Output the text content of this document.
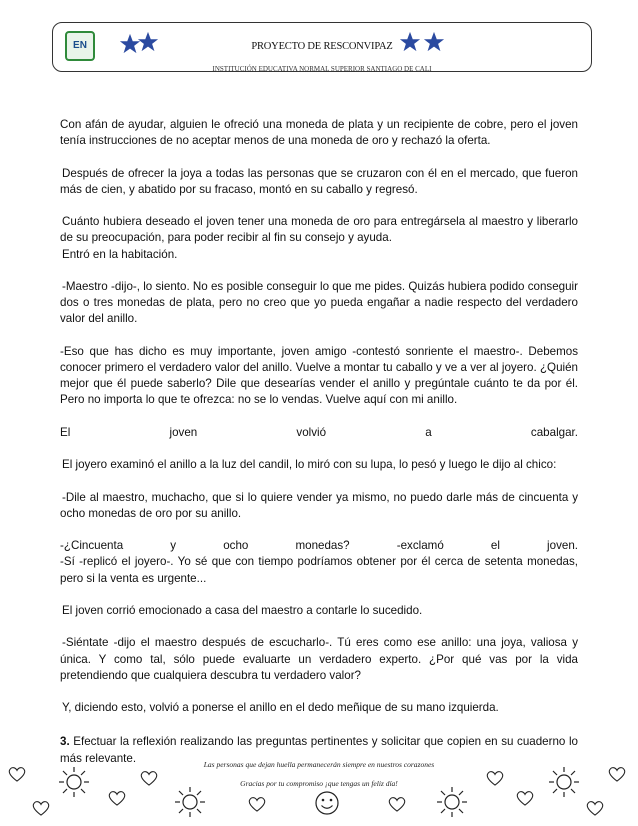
EN	PROYECTO DE RESCONVIPAZ
INSTITUCIÓN EDUCATIVA NORMAL SUPERIOR SANTIAGO DE CALI

Con afán de ayudar, alguien le ofreció una moneda de plata y un recipiente de cobre, pero el joven tenía instrucciones de no aceptar menos de una moneda de oro y rechazó la oferta.

Después de ofrecer la joya a todas las personas que se cruzaron con él en el mercado, que fueron más de cien, y abatido por su fracaso, montó en su caballo y regresó.

Cuánto hubiera deseado el joven tener una moneda de oro para entregársela al maestro y liberarlo de su preocupación, para poder recibir al fin su consejo y ayuda.

Entró en la habitación.

-Maestro -dijo-, lo siento. No es posible conseguir lo que me pides. Quizás hubiera podido conseguir dos o tres monedas de plata, pero no creo que yo pueda engañar a nadie respecto del verdadero valor del anillo.

-Eso que has dicho es muy importante, joven amigo -contestó sonriente el maestro-. Debemos conocer primero el verdadero valor del anillo. Vuelve a montar tu caballo y ve a ver al joyero. ¿Quién mejor que él puede saberlo? Dile que desearías vender el anillo y pregúntale cuánto te da por él. Pero no importa lo que te ofrezca: no se lo vendas. Vuelve aquí con mi anillo.

El joven volvió a cabalgar.

El joyero examinó el anillo a la luz del candil, lo miró con su lupa, lo pesó y luego le dijo al chico:

-Dile al maestro, muchacho, que si lo quiere vender ya mismo, no puedo darle más de cincuenta y ocho monedas de oro por su anillo.

-¿Cincuenta y ocho monedas? -exclamó el joven.

-Sí -replicó el joyero-. Yo sé que con tiempo podríamos obtener por él cerca de setenta monedas, pero si la venta es urgente...

El joven corrió emocionado a casa del maestro a contarle lo sucedido.

-Siéntate -dijo el maestro después de escucharlo-. Tú eres como ese anillo: una joya, valiosa y única. Y como tal, sólo puede evaluarte un verdadero experto. ¿Por qué vas por la vida pretendiendo que cualquiera descubra tu verdadero valor?

Y, diciendo esto, volvió a ponerse el anillo en el dedo meñique de su mano izquierda.

3. Efectuar la reflexión realizando las preguntas pertinentes y solicitar que copien en su cuaderno lo más relevante.	Las personas que dejan huella permanecerán siempre en nuestros corazones
Gracias por tu compromiso ¡que tengas un feliz día!
